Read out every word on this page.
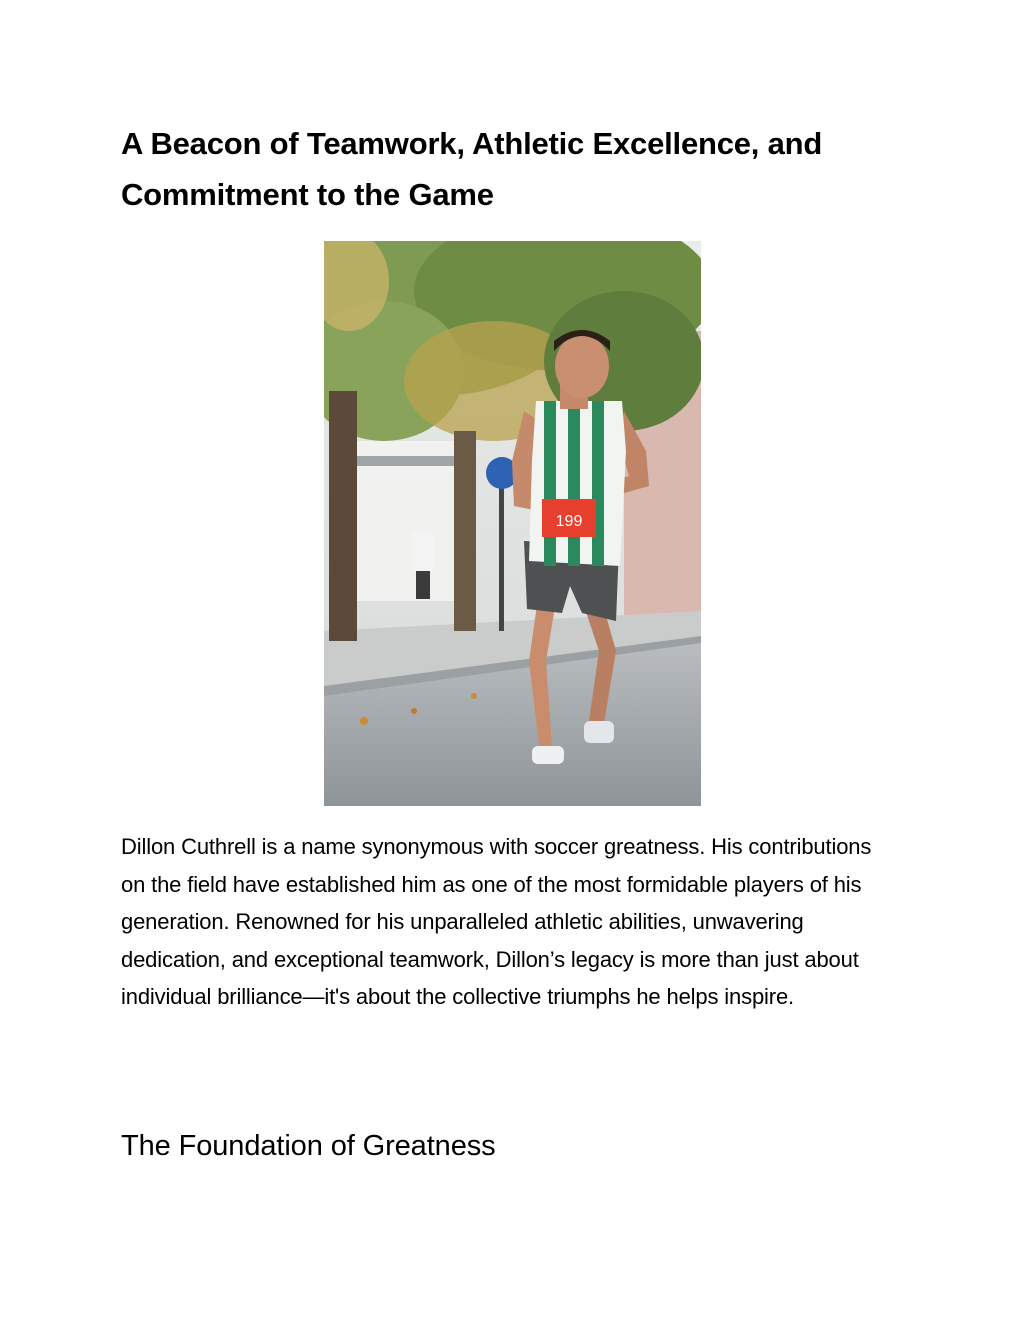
A Beacon of Teamwork, Athletic Excellence, and Commitment to the Game
199

Dillon Cuthrell is a name synonymous with soccer greatness. His contributions on the field have established him as one of the most formidable players of his generation. Renowned for his unparalleled athletic abilities, unwavering dedication, and exceptional teamwork, Dillon’s legacy is more than just about individual brilliance—it's about the collective triumphs he helps inspire.

The Foundation of Greatness
